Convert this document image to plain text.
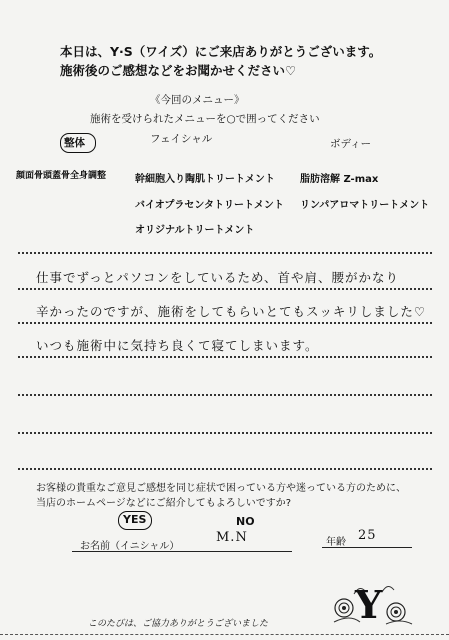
本日は、Y·S（ワイズ）にご来店ありがとうございます。
施術後のご感想などをお聞かせください♡
《今回のメニュー》
施術を受けられたメニューを○で囲ってください
整体	フェイシャル	ボディー
顔面骨頭蓋骨全身調整	幹細胞入り陶肌トリートメント	脂肪溶解 Z-max
バイオプラセンタトリートメント リンパアロマトリートメント
オリジナルトリートメント
仕事でずっとパソコンをしているため、首や肩、腰がかなり
辛かったのですが、施術をしてもらいとてもスッキリしました♡
いつも施術中に気持ち良くて寝てしまいます。
お客様の貴重なご意見ご感想を同じ症状で困っている方や迷っている方のために、
当店のホームページなどにご紹介してもよろしいですか?
YES	NO
お名前（イニシャル）
M.N	年齢 25
このたびは、ご協力ありがとうございました Y
